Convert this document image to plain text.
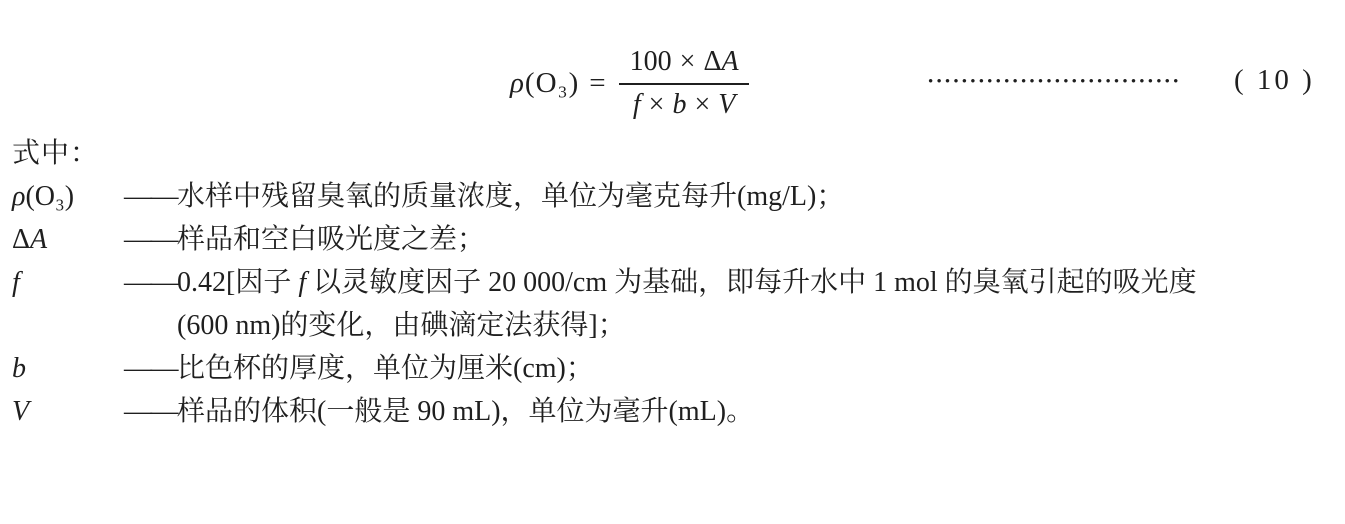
$\rho(O_3) = \frac{100 \times \Delta A}{f \times b \times V}$	••••••••••••••••••••••••••••••	( 10 )
式中：
ρ (O₃) —— 水样中残留臭氧的质量浓度，单位为毫克每升(mg/L)；
Δ A	—— 样品和空白吸光度之差；
f	—— 0.42[因子 f 以灵敏度因子 20 000/cm 为基础，即每升水中 1 mol 的臭氧引起的吸光度
(600 nm)的变化，由碘滴定法获得]；
b	—— 比色杯的厚度，单位为厘米(cm)；
V	—— 样品的体积(一般是 90 mL)，单位为毫升(mL)。
